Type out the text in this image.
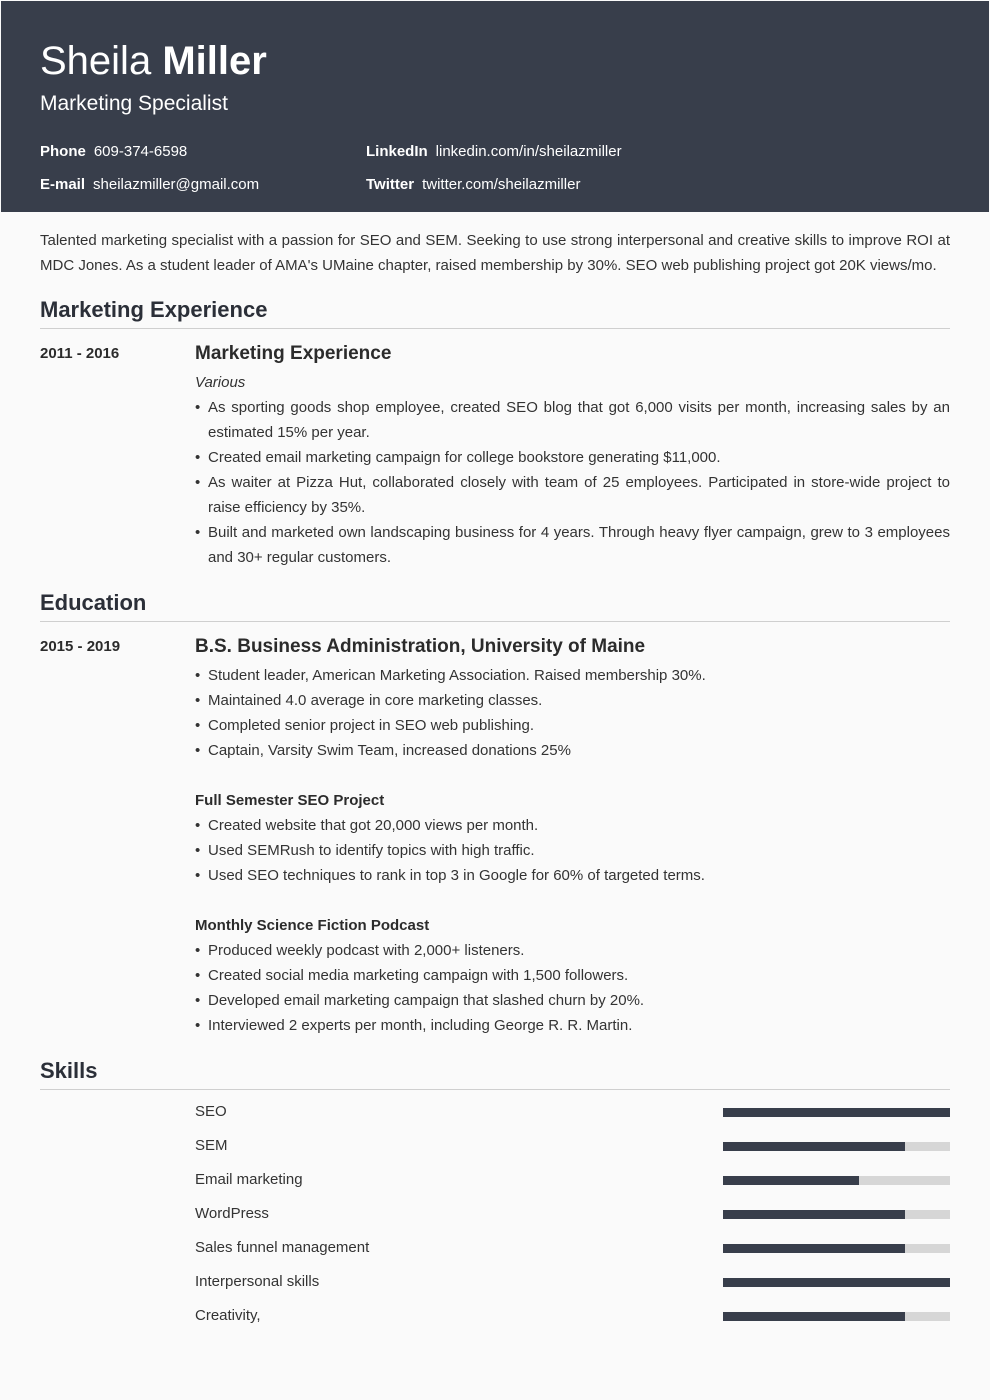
Sheila Miller
Marketing Specialist
Phone 609-374-6598	LinkedIn linkedin.com/in/sheilazmiller
E-mail sheilazmiller@gmail.com	Twitter twitter.com/sheilazmiller
Talented marketing specialist with a passion for SEO and SEM. Seeking to use strong interpersonal and creative skills to improve ROI at MDC Jones. As a student leader of AMA's UMaine chapter, raised membership by 30%. SEO web publishing project got 20K views/mo.
Marketing Experience
2011 - 2016	Marketing Experience
Various
• As sporting goods shop employee, created SEO blog that got 6,000 visits per month, increasing sales by an estimated 15% per year.
• Created email marketing campaign for college bookstore generating $11,000.
• As waiter at Pizza Hut, collaborated closely with team of 25 employees. Participated in store-wide project to raise efficiency by 35%.
• Built and marketed own landscaping business for 4 years. Through heavy flyer campaign, grew to 3 employees and 30+ regular customers.
Education
2015 - 2019	B.S. Business Administration, University of Maine
• Student leader, American Marketing Association. Raised membership 30%.
• Maintained 4.0 average in core marketing classes.
• Completed senior project in SEO web publishing.
• Captain, Varsity Swim Team, increased donations 25%
Full Semester SEO Project
• Created website that got 20,000 views per month.
• Used SEMRush to identify topics with high traffic.
• Used SEO techniques to rank in top 3 in Google for 60% of targeted terms.
Monthly Science Fiction Podcast
• Produced weekly podcast with 2,000+ listeners.
• Created social media marketing campaign with 1,500 followers.
• Developed email marketing campaign that slashed churn by 20%.
• Interviewed 2 experts per month, including George R. R. Martin.
Skills
SEO
SEM
Email marketing
WordPress
Sales funnel management
Interpersonal skills
Creativity,
